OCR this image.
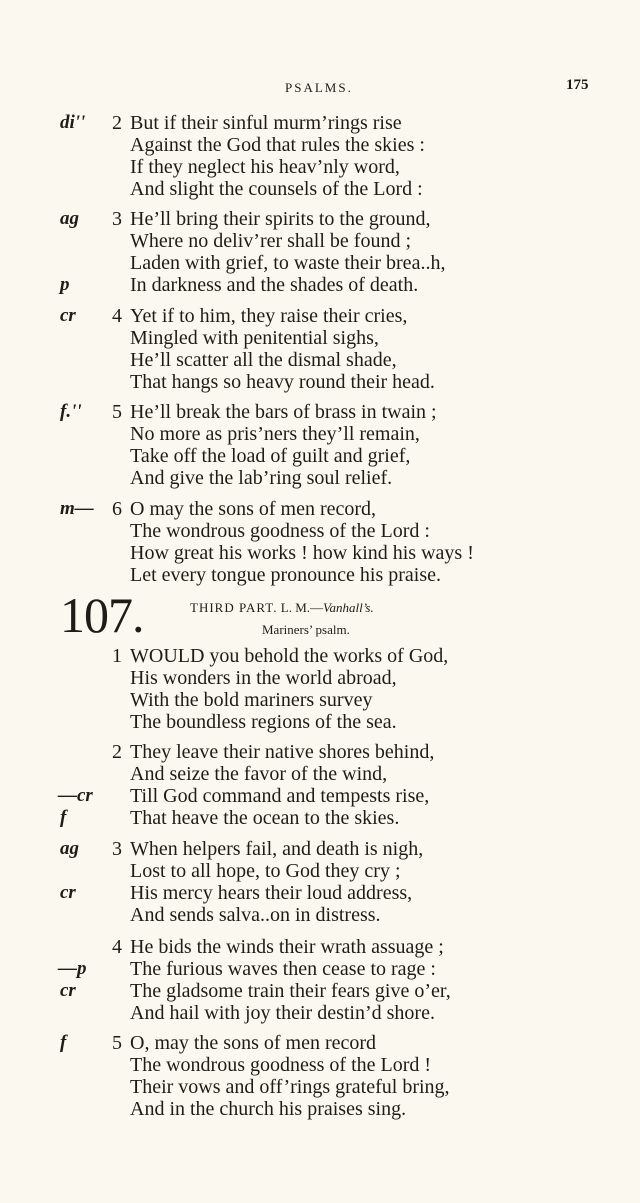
PSALMS.	175
di'' 2 But if their sinful murm’rings rise
Against the God that rules the skies :
If they neglect his heav’nly word,
And slight the counsels of the Lord :
ag 3 He’ll bring their spirits to the ground,
Where no deliv’rer shall be found ;
Laden with grief, to waste their brea..h,
p	In darkness and the shades of death.
cr 4 Yet if to him, they raise their cries,
Mingled with penitential sighs,
He’ll scatter all the dismal shade,
That hangs so heavy round their head.
f.'' 5 He’ll break the bars of brass in twain ;
No more as pris’ners they’ll remain,
Take off the load of guilt and grief,
And give the lab’ring soul relief.
m— 6 O may the sons of men record,
The wondrous goodness of the Lord :
How great his works ! how kind his ways !
Let every tongue pronounce his praise.
107.	THIRD PART. L. M.—Vanhall’s.
Mariners’ psalm.
1 WOULD you behold the works of God,
His wonders in the world abroad,
With the bold mariners survey
The boundless regions of the sea.
2 They leave their native shores behind,
And seize the favor of the wind,
—cr Till God command and tempests rise,
f	That heave the ocean to the skies.
ag 3 When helpers fail, and death is nigh,
Lost to all hope, to God they cry ;
cr	His mercy hears their loud address,
And sends salva..on in distress.
4 He bids the winds their wrath assuage ;
—p The furious waves then cease to rage :
cr	The gladsome train their fears give o’er,
And hail with joy their destin’d shore.
f 5 O, may the sons of men record
The wondrous goodness of the Lord !
Their vows and off’rings grateful bring,
And in the church his praises sing.
